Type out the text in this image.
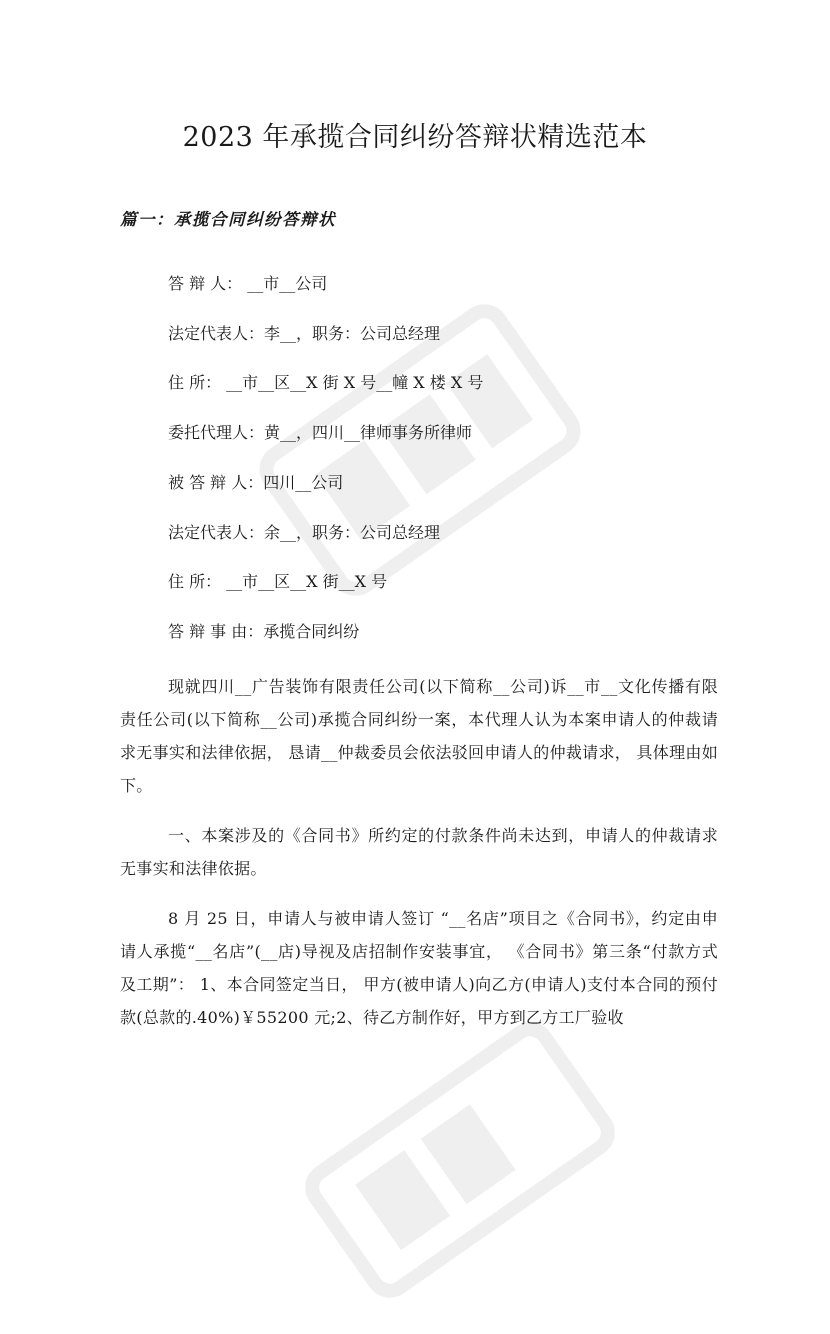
2023 年承揽合同纠纷答辩状精选范本
篇一：承揽合同纠纷答辩状

答 辩 人： __市__公司

法定代表人：李__，职务：公司总经理

住 所： __市__区__X 街 X 号__幢 X 楼 X 号

委托代理人：黄__，四川__律师事务所律师

被 答 辩 人：四川__公司

法定代表人：余__，职务：公司总经理

住 所： __市__区__X 街__X 号

答 辩 事 由：承揽合同纠纷

现就四川__广告装饰有限责任公司(以下简称__公司)诉__市__文化传播有限责任公司(以下简称__公司)承揽合同纠纷一案，本代理人认为本案申请人的仲裁请求无事实和法律依据， 恳请__仲裁委员会依法驳回申请人的仲裁请求， 具体理由如下。

一、本案涉及的《合同书》所约定的付款条件尚未达到，申请人的仲裁请求无事实和法律依据。

8 月 25 日，申请人与被申请人签订 “__名店”项目之《合同书》，约定由申请人承揽“__名店”(__店)导视及店招制作安装事宜， 《合同书》第三条“付款方式及工期”： 1、本合同签定当日， 甲方(被申请人)向乙方(申请人)支付本合同的预付款(总款的.40%)￥55200 元;2、待乙方制作好，甲方到乙方工厂验收
